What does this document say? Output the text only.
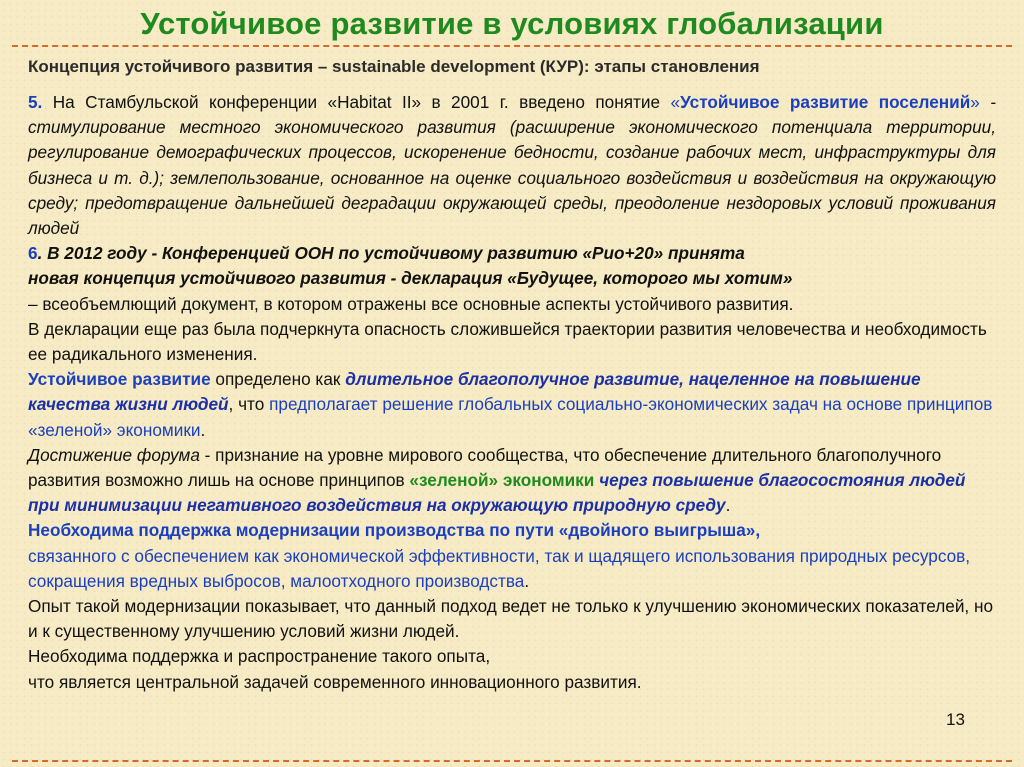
Устойчивое развитие в условиях глобализации
Концепция устойчивого развития – sustainable development (КУР): этапы становления

5. На Стамбульской конференции «Habitat II» в 2001 г. введено понятие «Устойчивое развитие поселений» - стимулирование местного экономического развития (расширение экономического потенциала территории, регулирование демографических процессов, искоренение бедности, создание рабочих мест, инфраструктуры для бизнеса и т. д.); землепользование, основанное на оценке социального воздействия и воздействия на окружающую среду; предотвращение дальнейшей деградации окружающей среды, преодоление нездоровых условий проживания людей

6. В 2012 году - Конференцией ООН по устойчивому развитию «Рио+20» принята
новая концепция устойчивого развития - декларация «Будущее, которого мы хотим»
– всеобъемлющий документ, в котором отражены все основные аспекты устойчивого развития.
В декларации еще раз была подчеркнута опасность сложившейся траектории развития человечества и необходимость ее радикального изменения.

Устойчивое развитие определено как длительное благополучное развитие, нацеленное на повышение качества жизни людей, что предполагает решение глобальных социально-экономических задач на основе принципов «зеленой» экономики.

Достижение форума - признание на уровне мирового сообщества, что обеспечение длительного благополучного развития возможно лишь на основе принципов «зеленой» экономики через повышение благосостояния людей при минимизации негативного воздействия на окружающую природную среду.

Необходима поддержка модернизации производства по пути «двойного выигрыша»,
связанного с обеспечением как экономической эффективности, так и щадящего использования природных ресурсов, сокращения вредных выбросов, малоотходного производства.

Опыт такой модернизации показывает, что данный подход ведет не только к улучшению экономических показателей, но и к существенному улучшению условий жизни людей.

Необходима поддержка и распространение такого опыта,

что является центральной задачей современного инновационного развития.

13
